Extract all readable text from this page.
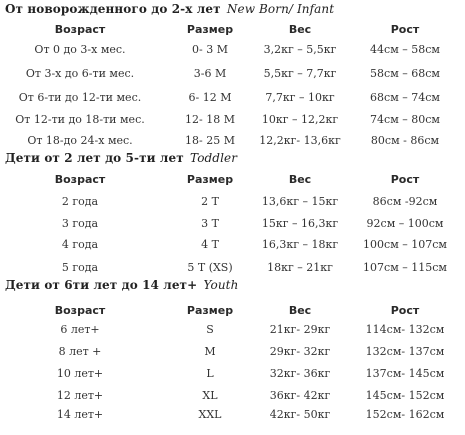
От новорожденного до 2-х лет New Born/ Infant
Возраст	Размер	Вес	Рост
От 0 до 3-х мес.	0- 3 M	3,2кг – 5,5кг	44см – 58см
От 3-х до 6-ти мес.	3-6 M	5,5кг – 7,7кг	58см – 68см
От 6-ти до 12-ти мес.	6- 12 M	7,7кг – 10кг	68см – 74см
От 12-ти до 18-ти мес.	12- 18 M	10кг – 12,2кг	74см – 80см
От 18-до 24-х мес.	18- 25 M	12,2кг- 13,6кг	80см - 86см
Дети от 2 лет до 5-ти лет Toddler
Возраст	Размер	Вес	Рост
2 года	2 T	13,6кг – 15кг	86см -92см
3 года	3 T	15кг – 16,3кг	92см – 100см
4 года	4 T	16,3кг – 18кг	100см – 107см
5 года	5 T (XS)	18кг – 21кг	107см – 115см
Дети от 6ти лет до 14 лет+ Youth
Возраст	Размер	Вес	Рост
6 лет+	S	21кг- 29кг	114см- 132см
8 лет +	M	29кг- 32кг	132см- 137см
10 лет+	L	32кг- 36кг	137см- 145см
12 лет+	XL	36кг- 42кг	145см- 152см
14 лет+	XXL	42кг- 50кг	152см- 162см
